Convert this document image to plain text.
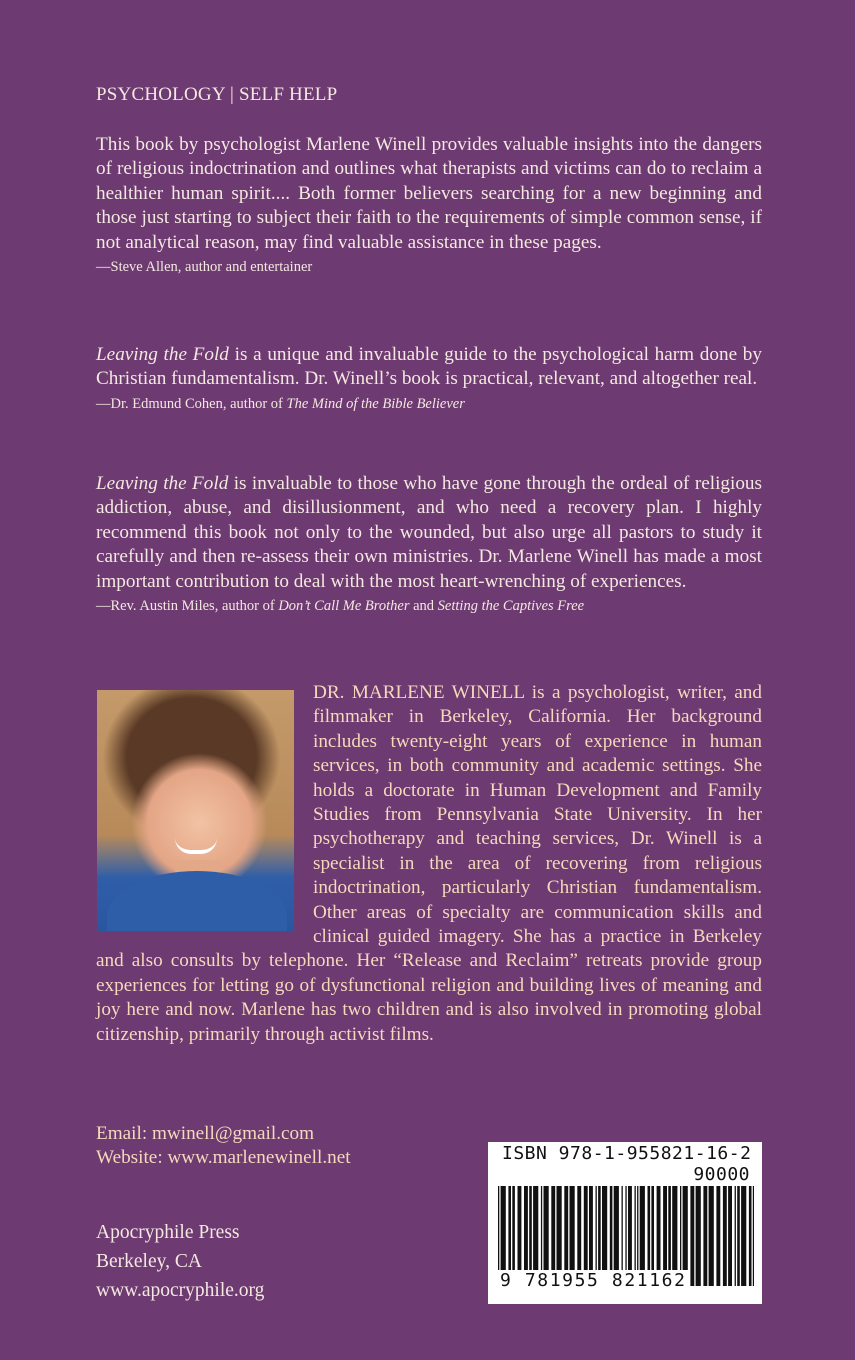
PSYCHOLOGY | SELF HELP

This book by psychologist Marlene Winell provides valuable insights into the dangers of religious indoctrination and outlines what therapists and victims can do to reclaim a healthier human spirit.... Both former believers searching for a new beginning and those just starting to subject their faith to the requirements of simple common sense, if not analytical reason, may find valuable assistance in these pages.

—Steve Allen, author and entertainer

Leaving the Fold is a unique and invaluable guide to the psychological harm done by Christian fundamentalism. Dr. Winell’s book is practical, relevant, and altogether real.

—Dr. Edmund Cohen, author of The Mind of the Bible Believer

Leaving the Fold is invaluable to those who have gone through the ordeal of religious addiction, abuse, and disillusionment, and who need a recovery plan. I highly recommend this book not only to the wounded, but also urge all pastors to study it carefully and then re-assess their own ministries. Dr. Marlene Winell has made a most important contribution to deal with the most heart-wrenching of experiences.

—Rev. Austin Miles, author of Don’t Call Me Brother and Setting the Captives Free
DR. MARLENE WINELL is a psychologist, writer, and filmmaker in Berkeley, California. Her background includes twenty-eight years of experience in human services, in both community and academic settings. She holds a doctorate in Human Development and Family Studies from Pennsylvania State University. In her psychotherapy and teaching services, Dr. Winell is a specialist in the area of recovering from religious indoctrination, particularly Christian fundamentalism. Other areas of specialty are communication skills and clinical guided imagery. She has a practice in Berkeley and also consults by telephone. Her “Release and Reclaim” retreats provide group experiences for letting go of dysfunctional religion and building lives of meaning and joy here and now. Marlene has two children and is also involved in promoting global citizenship, primarily through activist films.
Email: mwinell@gmail.com
Website: www.marlenewinell.net
Apocryphile Press
Berkeley, CA
www.apocryphile.org
ISBN 978-1-955821-16-2
90000
9 781955 821162
